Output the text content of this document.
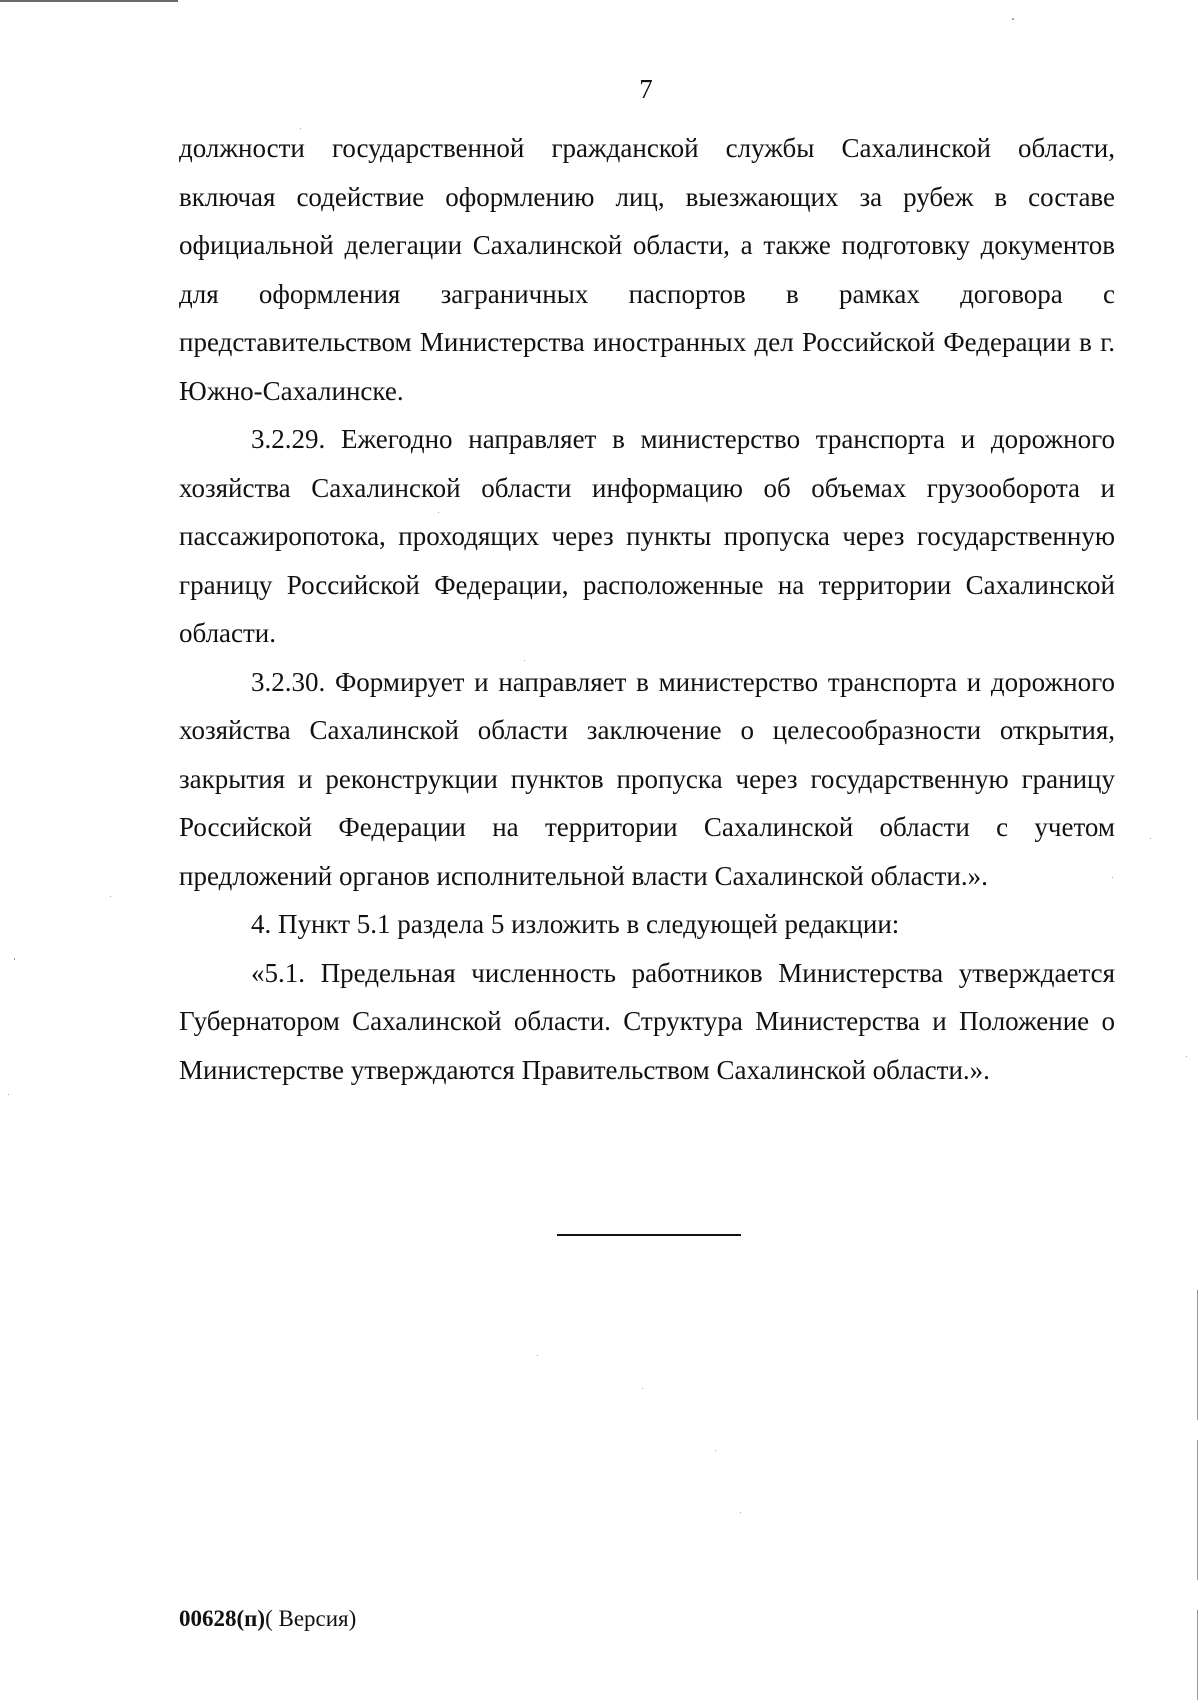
7

должности государственной гражданской службы Сахалинской области, включая содействие оформлению лиц, выезжающих за рубеж в составе официальной делегации Сахалинской области, а также подготовку документов для оформления заграничных паспортов в рамках договора с представительством Министерства иностранных дел Российской Федерации в г. Южно-Сахалинске.

3.2.29. Ежегодно направляет в министерство транспорта и дорожного хозяйства Сахалинской области информацию об объемах грузооборота и пассажиропотока, проходящих через пункты пропуска через государственную границу Российской Федерации, расположенные на территории Сахалинской области.

3.2.30. Формирует и направляет в министерство транспорта и дорожного хозяйства Сахалинской области заключение о целесообразности открытия, закрытия и реконструкции пунктов пропуска через государственную границу Российской Федерации на территории Сахалинской области с учетом предложений органов исполнительной власти Сахалинской области.».

4. Пункт 5.1 раздела 5 изложить в следующей редакции:

«5.1. Предельная численность работников Министерства утверждается Губернатором Сахалинской области. Структура Министерства и Положение о Министерстве утверждаются Правительством Сахалинской области.».

00628(п)( Версия)
